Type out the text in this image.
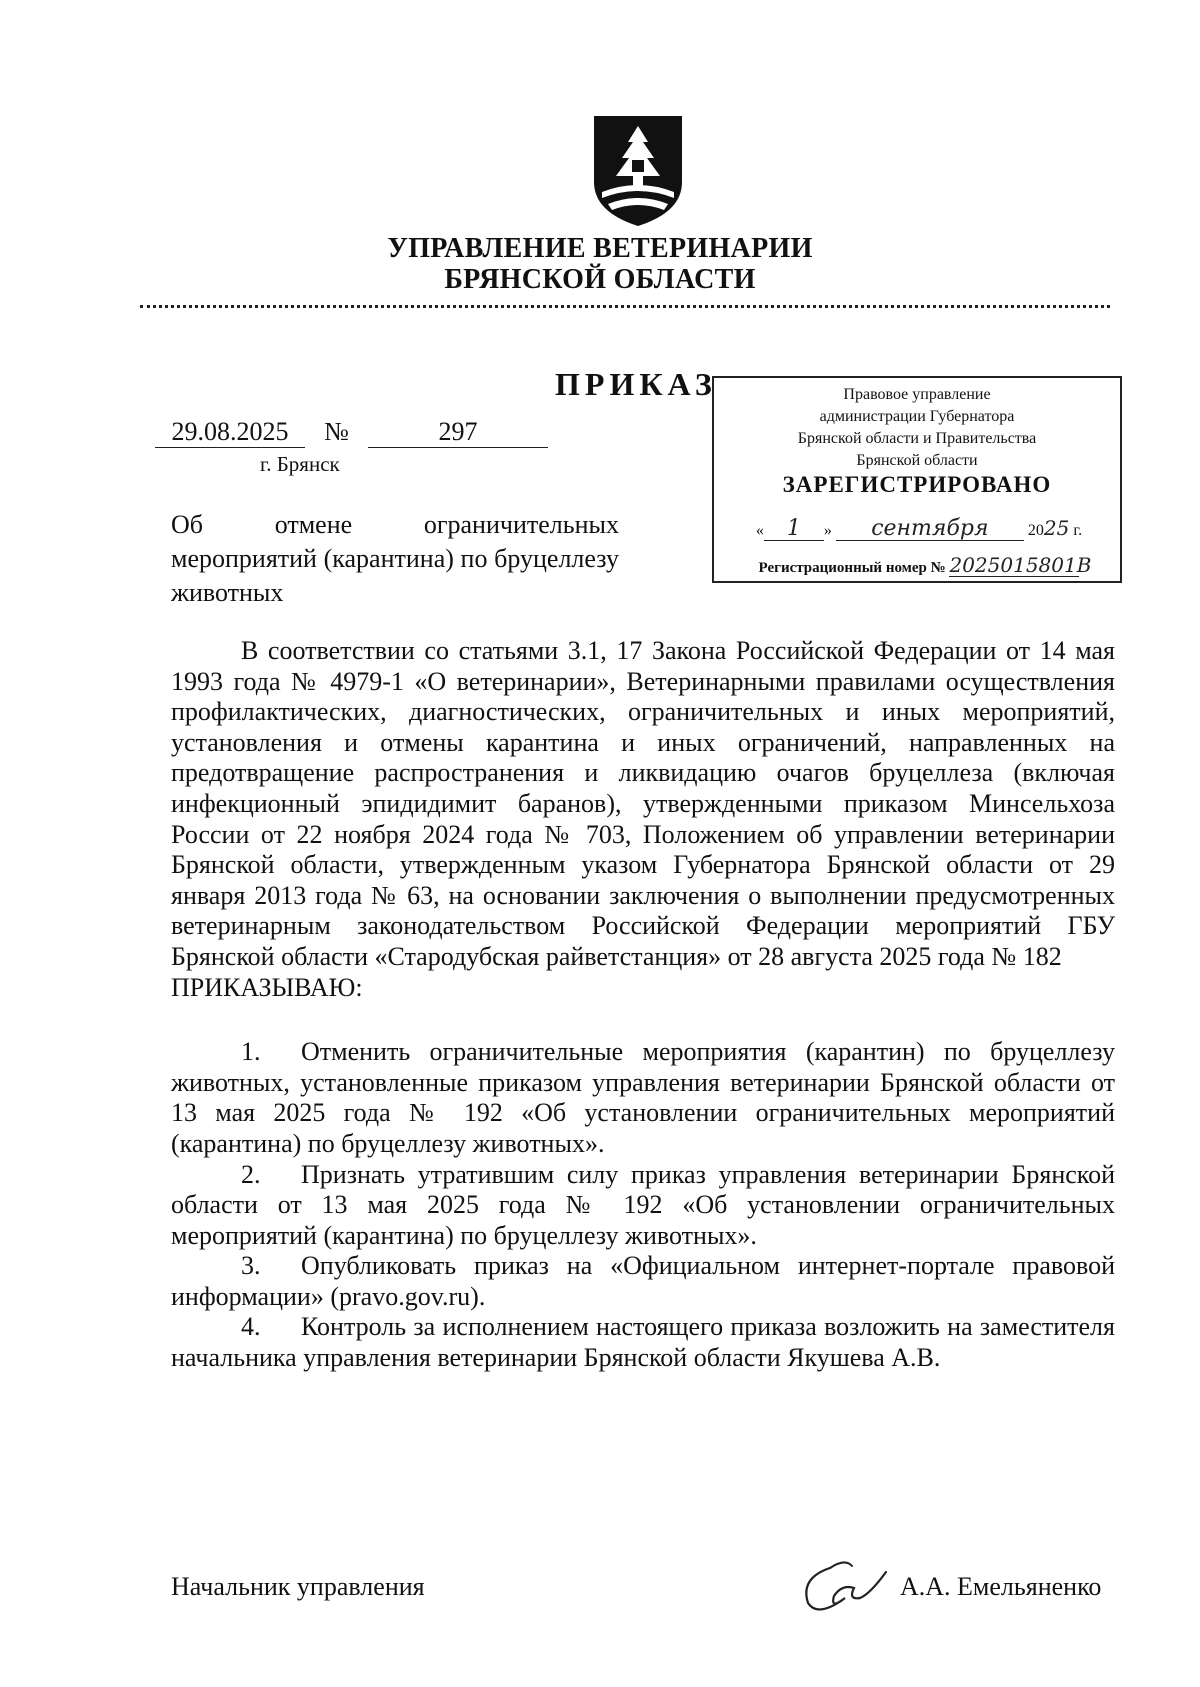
УПРАВЛЕНИЕ ВЕТЕРИНАРИИ
БРЯНСКОЙ ОБЛАСТИ
ПРИКАЗ	Правовое управление
администрации Губернатора
Брянской области и Правительства
Брянской области
ЗАРЕГИСТРИРОВАНО
« 1 » сентября 2025 г.
Регистрационный номер № 2025015801В
29.08.2025 №	297
г. Брянск
Об отмене ограничительных мероприятий (карантина) по бруцеллезу животных
В соответствии со статьями 3.1, 17 Закона Российской Федерации от 14 мая 1993 года № 4979-1 «О ветеринарии», Ветеринарными правилами осуществления профилактических, диагностических, ограничительных и иных мероприятий, установления и отмены карантина и иных ограничений, направленных на предотвращение распространения и ликвидацию очагов бруцеллеза (включая инфекционный эпидидимит баранов), утвержденными приказом Минсельхоза России от 22 ноября 2024 года № 703, Положением об управлении ветеринарии Брянской области, утвержденным указом Губернатора Брянской области от 29 января 2013 года № 63, на основании заключения о выполнении предусмотренных ветеринарным законодательством Российской Федерации мероприятий ГБУ Брянской области «Стародубская райветстанция» от 28 августа 2025 года № 182
ПРИКАЗЫВАЮ:
1. Отменить ограничительные мероприятия (карантин) по бруцеллезу животных, установленные приказом управления ветеринарии Брянской области от 13 мая 2025 года № 192 «Об установлении ограничительных мероприятий (карантина) по бруцеллезу животных».
2. Признать утратившим силу приказ управления ветеринарии Брянской области от 13 мая 2025 года № 192 «Об установлении ограничительных мероприятий (карантина) по бруцеллезу животных».
3. Опубликовать приказ на «Официальном интернет-портале правовой информации» (pravo.gov.ru).
4. Контроль за исполнением настоящего приказа возложить на заместителя начальника управления ветеринарии Брянской области Якушева А.В.
Начальник управления	А.А. Емельяненко
